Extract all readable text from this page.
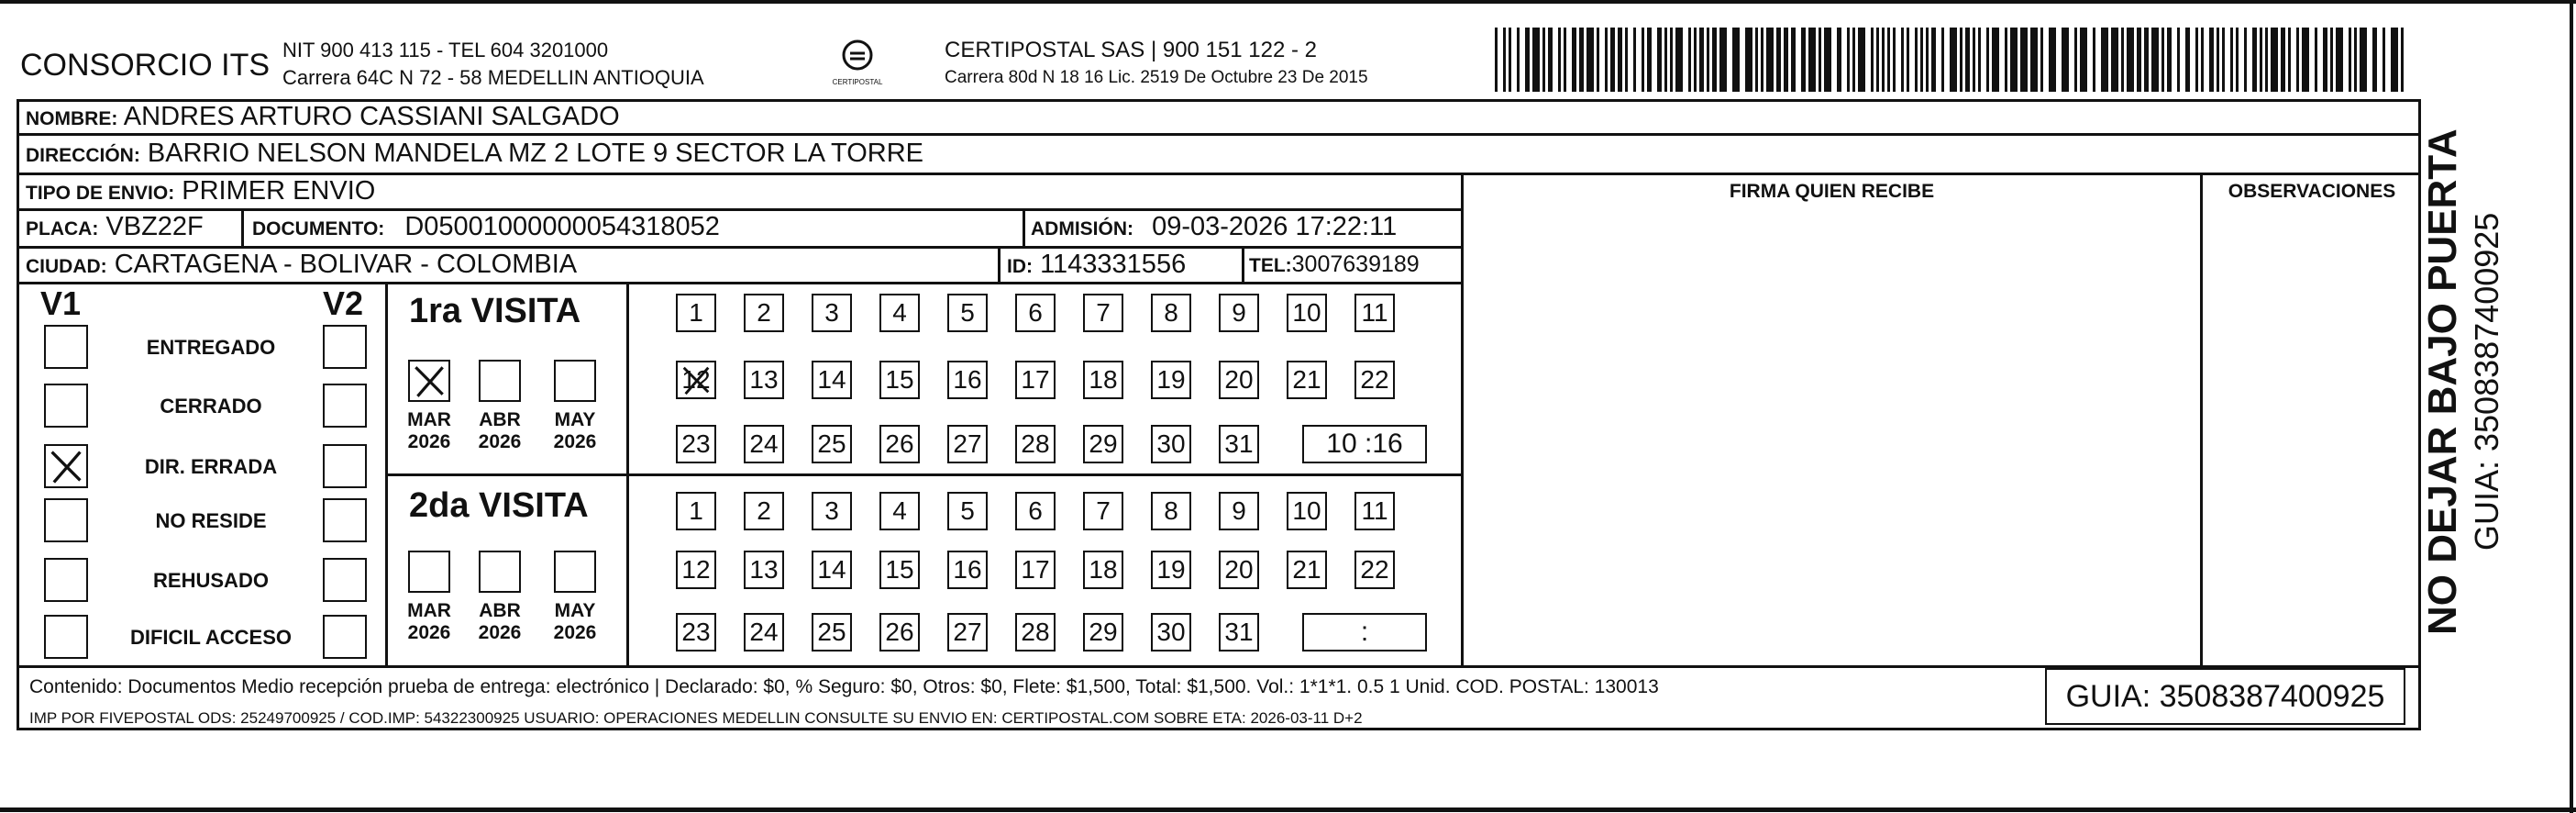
CONSORCIO ITS NIT 900 413 115 - TEL 604 3201000
Carrera 64C N 72 - 58 MEDELLIN ANTIOQUIA	CERTIPOSTAL
CERTIPOSTAL SAS | 900 151 122 - 2
Carrera 80d N 18 16 Lic. 2519 De Octubre 23 De 2015
NOMBRE: ANDRES ARTURO CASSIANI SALGADO
DIRECCIÓN: BARRIO NELSON MANDELA MZ 2 LOTE 9 SECTOR LA TORRE
TIPO DE ENVIO: PRIMER ENVIO	FIRMA QUIEN RECIBE	OBSERVACIONES
PLACA: VBZ22F	DOCUMENTO: D05001000000054318052	ADMISIÓN: 09-03-2026 17:22:11
CIUDAD: CARTAGENA - BOLIVAR - COLOMBIA	ID: 1143331556	TEL:3007639189
V1	V2
ENTREGADO
CERRADO
DIR. ERRADA
NO RESIDE
REHUSADO
DIFICIL ACCESO
1ra VISITA
MAR
2026
ABR
2026
MAY
2026
1	2	3	4	5	6	7	8	9	10 11
12 13 14 15 16 17 18 19 20 21 22
23 24 25 26 27 28 29 30 31	10 :16
2da VISITA
MAR
2026
ABR
2026
MAY
2026
1	2	3	4	5	6	7	8	9	10 11
12 13 14 15 16 17 18 19 20 21 22
23 24 25 26 27 28 29 30 31	:
Contenido: Documentos Medio recepción prueba de entrega: electrónico | Declarado: $0, % Seguro: $0, Otros: $0, Flete: $1,500, Total: $1,500. Vol.: 1*1*1. 0.5 1 Unid. COD. POSTAL: 130013
IMP POR FIVEPOSTAL ODS: 25249700925 / COD.IMP: 54322300925 USUARIO: OPERACIONES MEDELLIN CONSULTE SU ENVIO EN: CERTIPOSTAL.COM SOBRE ETA: 2026-03-11 D+2
GUIA: 3508387400925
NO DEJAR BAJO PUERTA GUIA: 3508387400925
